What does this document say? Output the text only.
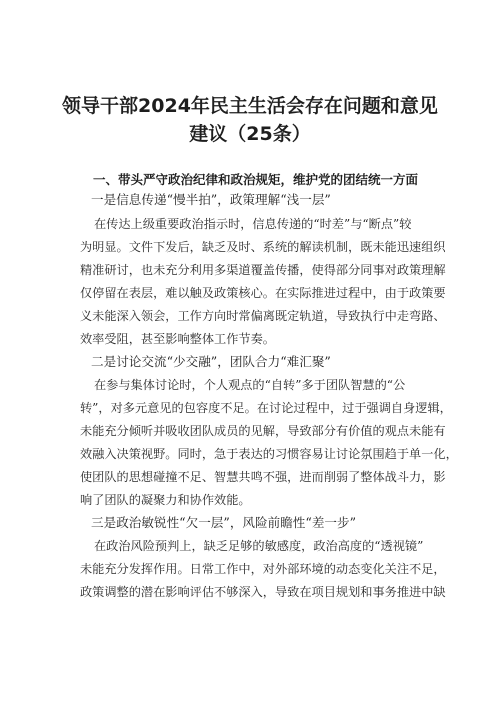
领导干部2024年民主生活会存在问题和意见
建议（25条）
一、带头严守政治纪律和政治规矩，维护党的团结统一方面
一是信息传递“慢半拍”，政策理解“浅一层”
在传达上级重要政治指示时，信息传递的“时差”与“断点”较
为明显。文件下发后，缺乏及时、系统的解读机制，既未能迅速组织
精准研讨，也未充分利用多渠道覆盖传播，使得部分同事对政策理解
仅停留在表层，难以触及政策核心。在实际推进过程中，由于政策要
义未能深入领会，工作方向时常偏离既定轨道，导致执行中走弯路、
效率受阻，甚至影响整体工作节奏。
二是讨论交流“少交融”，团队合力“难汇聚”
在参与集体讨论时，个人观点的“自转”多于团队智慧的“公
转”，对多元意见的包容度不足。在讨论过程中，过于强调自身逻辑，
未能充分倾听并吸收团队成员的见解，导致部分有价值的观点未能有
效融入决策视野。同时，急于表达的习惯容易让讨论氛围趋于单一化，
使团队的思想碰撞不足、智慧共鸣不强，进而削弱了整体战斗力，影
响了团队的凝聚力和协作效能。
三是政治敏锐性“欠一层”，风险前瞻性“差一步”
在政治风险预判上，缺乏足够的敏感度，政治高度的“透视镜”
未能充分发挥作用。日常工作中，对外部环境的动态变化关注不足，
政策调整的潜在影响评估不够深入，导致在项目规划和事务推进中缺
